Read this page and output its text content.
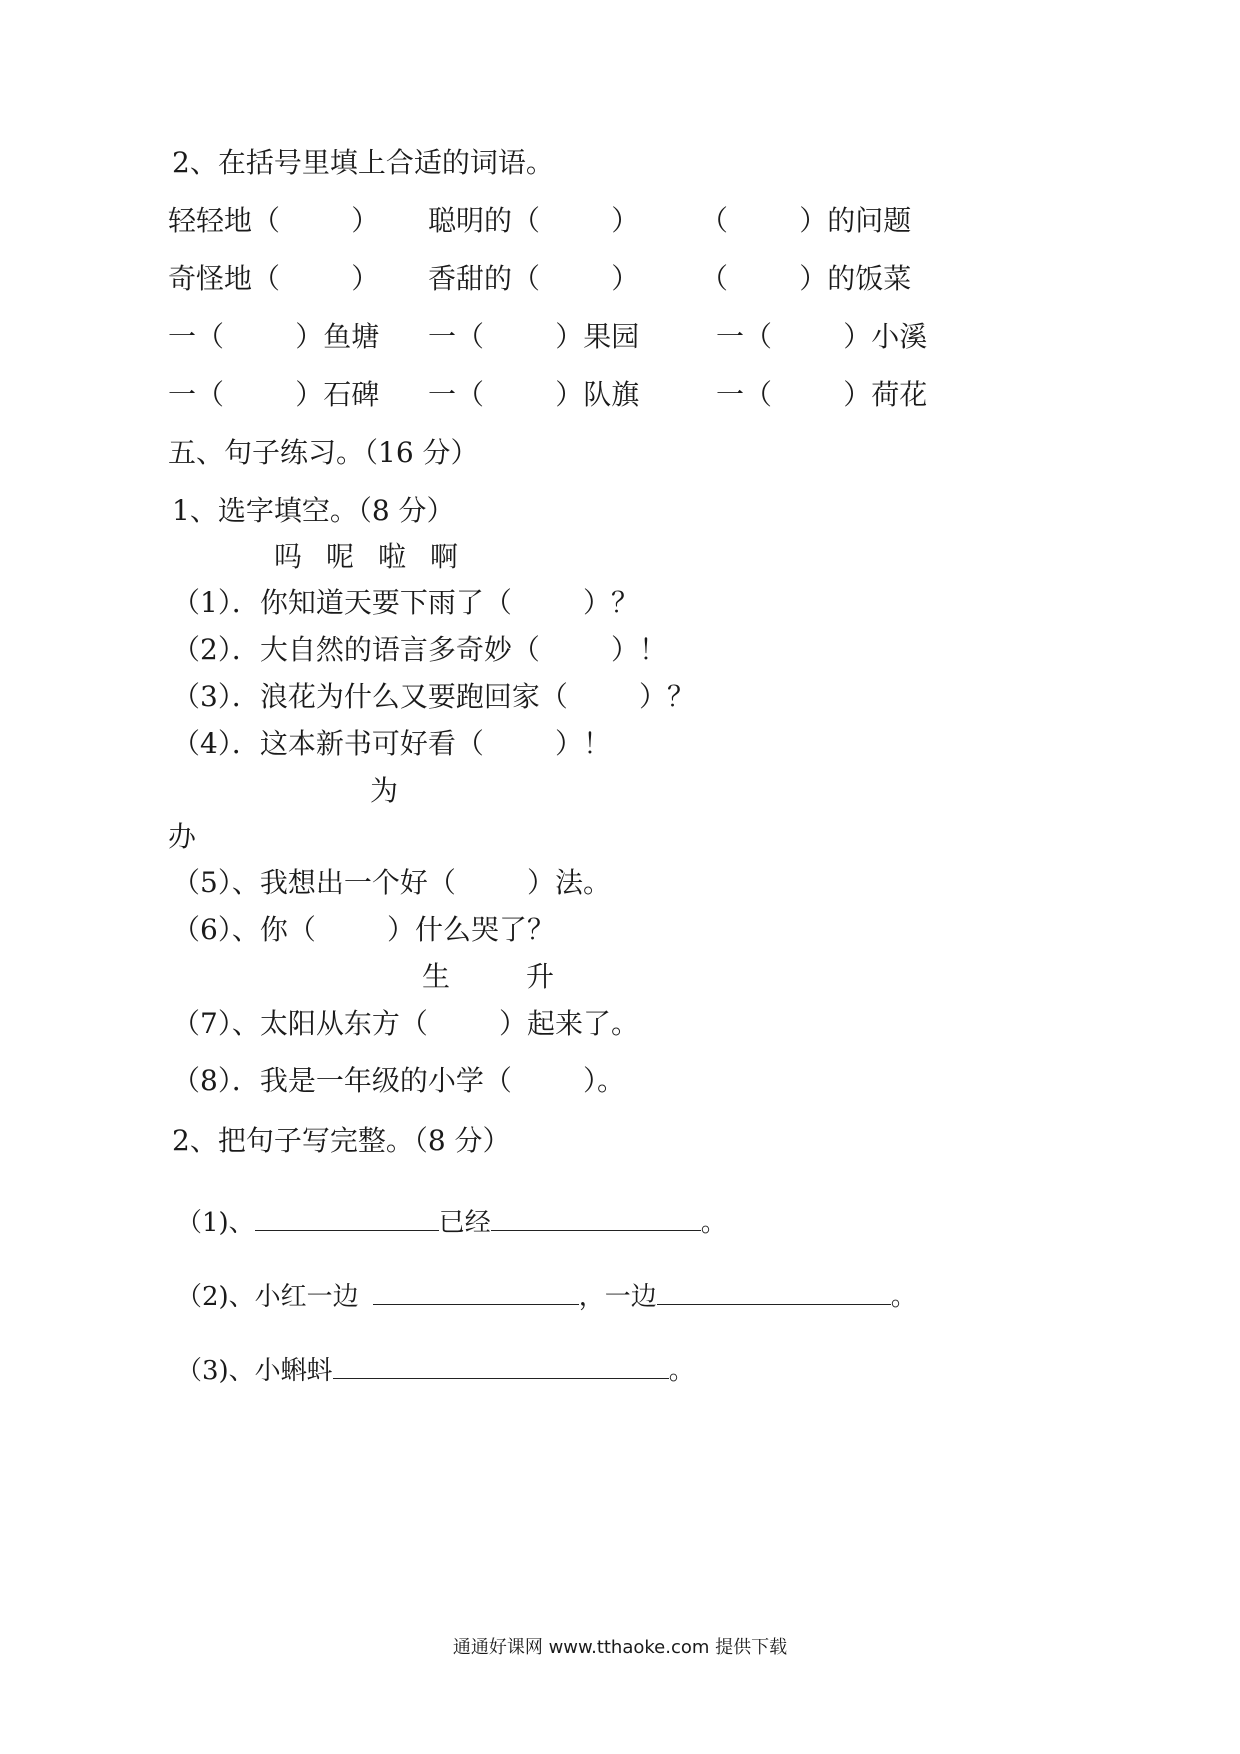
2、在括号里填上合适的词语。
轻轻地（        ） 聪明的（        ） （        ）的问题
奇怪地（        ） 香甜的（        ） （        ）的饭菜
一（        ）鱼塘 一（        ）果园	一（        ）小溪
一（        ）石碑 一（        ）队旗	一（        ）荷花
五、句子练习。（16 分）
1、选字填空。（8 分）
吗 呢 啦 啊
（1）．你知道天要下雨了（        ）？
（2）．大自然的语言多奇妙（        ）！
（3）．浪花为什么又要跑回家（        ）？
（4）．这本新书可好看（        ）！
为
办
（5）、我想出一个好（        ）法。
（6）、你（        ）什么哭了？
生	升
（7）、太阳从东方（        ）起来了。
（8）．我是一年级的小学（        ）。
2、把句子写完整。（8 分）
（1)、	已经	。
（2)、小红一边	，一边	。
（3)、小蝌蚪	。
通通好课网 www.tthaoke.com 提供下载
